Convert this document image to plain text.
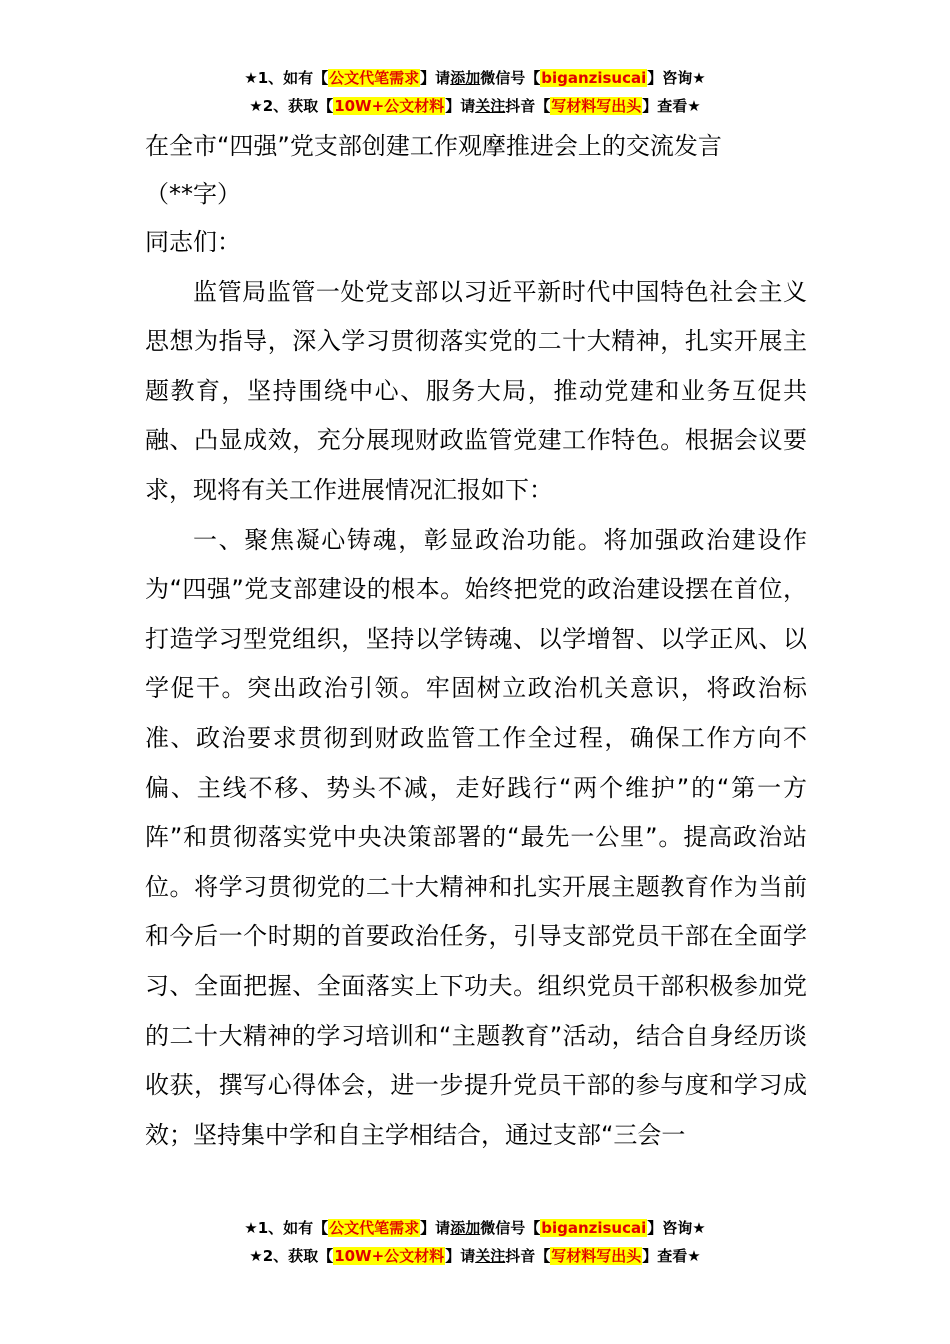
★1、如有【公文代笔需求】请添加微信号【biganzisucai】咨询★
★2、获取【10W+公文材料】请关注抖音【写材料写出头】查看★

在全市“四强”党支部创建工作观摩推进会上的交流发言

（**字）

同志们：

监管局监管一处党支部以习近平新时代中国特色社会主义思想为指导，深入学习贯彻落实党的二十大精神，扎实开展主题教育，坚持围绕中心、服务大局，推动党建和业务互促共融、凸显成效，充分展现财政监管党建工作特色。根据会议要求，现将有关工作进展情况汇报如下：

一、聚焦凝心铸魂，彰显政治功能。将加强政治建设作为“四强”党支部建设的根本。始终把党的政治建设摆在首位，打造学习型党组织，坚持以学铸魂、以学增智、以学正风、以学促干。突出政治引领。牢固树立政治机关意识，将政治标准、政治要求贯彻到财政监管工作全过程，确保工作方向不偏、主线不移、势头不减，走好践行“两个维护”的“第一方阵”和贯彻落实党中央决策部署的“最先一公里”。提高政治站位。将学习贯彻党的二十大精神和扎实开展主题教育作为当前和今后一个时期的首要政治任务，引导支部党员干部在全面学习、全面把握、全面落实上下功夫。组织党员干部积极参加党的二十大精神的学习培训和“主题教育”活动，结合自身经历谈收获，撰写心得体会，进一步提升党员干部的参与度和学习成效；坚持集中学和自主学相结合，通过支部“三会一

★1、如有【公文代笔需求】请添加微信号【biganzisucai】咨询★
★2、获取【10W+公文材料】请关注抖音【写材料写出头】查看★
